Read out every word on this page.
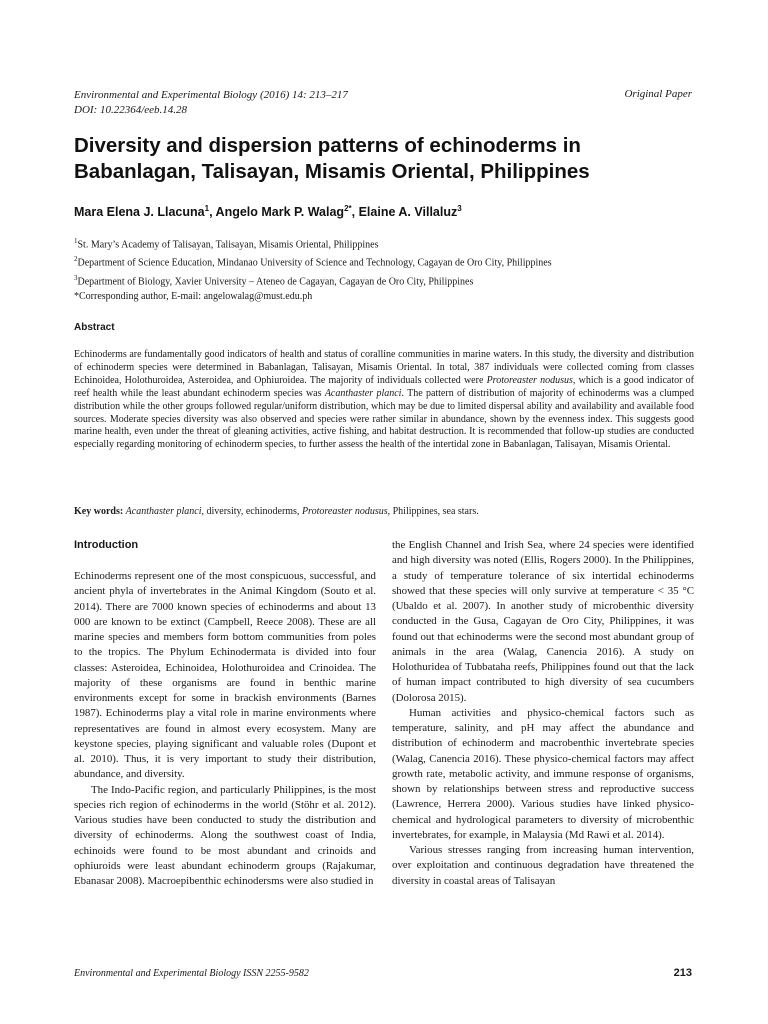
Environmental and Experimental Biology (2016) 14: 213–217
DOI: 10.22364/eeb.14.28
Original Paper
Diversity and dispersion patterns of echinoderms in Babanlagan, Talisayan, Misamis Oriental, Philippines
Mara Elena J. Llacuna$^1$, Angelo Mark P. Walag$^{2*}$, Elaine A. Villaluz$^3$
$^1$St. Mary’s Academy of Talisayan, Talisayan, Misamis Oriental, Philippines
$^2$Department of Science Education, Mindanao University of Science and Technology, Cagayan de Oro City, Philippines
$^3$Department of Biology, Xavier University – Ateneo de Cagayan, Cagayan de Oro City, Philippines
*Corresponding author, E-mail: angelowalag@must.edu.ph
Abstract

Echinoderms are fundamentally good indicators of health and status of coralline communities in marine waters. In this study, the diversity and distribution of echinoderm species were determined in Babanlagan, Talisayan, Misamis Oriental. In total, 387 individuals were collected coming from classes Echinoidea, Holothuroidea, Asteroidea, and Ophiuroidea. The majority of individuals collected were Protoreaster nodusus, which is a good indicator of reef health while the least abundant echinoderm species was Acanthaster planci. The pattern of distribution of majority of echinoderms was a clumped distribution while the other groups followed regular/uniform distribution, which may be due to limited dispersal ability and availability and available food sources. Moderate species diversity was also observed and species were rather similar in abundance, shown by the evenness index. This suggests good marine health, even under the threat of gleaning activities, active fishing, and habitat destruction. It is recommended that follow-up studies are conducted especially regarding monitoring of echinoderm species, to further assess the health of the intertidal zone in Babanlagan, Talisayan, Misamis Oriental.

Key words: Acanthaster planci, diversity, echinoderms, Protoreaster nodusus, Philippines, sea stars.
Introduction

Echinoderms represent one of the most conspicuous, successful, and ancient phyla of invertebrates in the Animal Kingdom (Souto et al. 2014). There are 7000 known species of echinoderms and about 13 000 are known to be extinct (Campbell, Reece 2008). These are all marine species and members form bottom communities from poles to the tropics. The Phylum Echinodermata is divided into four classes: Asteroidea, Echinoidea, Holothuroidea and Crinoidea. The majority of these organisms are found in benthic marine environments except for some in brackish environments (Barnes 1987). Echinoderms play a vital role in marine environments where representatives are found in almost every ecosystem. Many are keystone species, playing significant and valuable roles (Dupont et al. 2010). Thus, it is very important to study their distribution, abundance, and diversity.

The Indo-Pacific region, and particularly Philippines, is the most species rich region of echinoderms in the world (Stöhr et al. 2012). Various studies have been conducted to study the distribution and diversity of echinoderms. Along the southwest coast of India, echinoids were found to be most abundant and crinoids and ophiuroids were least abundant echinoderm groups (Rajakumar, Ebanasar 2008). Macroepibenthic echinodersms were also studied in

the English Channel and Irish Sea, where 24 species were identified and high diversity was noted (Ellis, Rogers 2000). In the Philippines, a study of temperature tolerance of six intertidal echinoderms showed that these species will only survive at temperature < 35 °C (Ubaldo et al. 2007). In another study of microbenthic diversity conducted in the Gusa, Cagayan de Oro City, Philippines, it was found out that echinoderms were the second most abundant group of animals in the area (Walag, Canencia 2016). A study on Holothuridea of Tubbataha reefs, Philippines found out that the lack of human impact contributed to high diversity of sea cucumbers (Dolorosa 2015).

Human activities and physico-chemical factors such as temperature, salinity, and pH may affect the abundance and distribution of echinoderm and macrobenthic invertebrate species (Walag, Canencia 2016). These physico-chemical factors may affect growth rate, metabolic activity, and immune response of organisms, shown by relationships between stress and reproductive success (Lawrence, Herrera 2000). Various studies have linked physico-chemical and hydrological parameters to diversity of microbenthic invertebrates, for example, in Malaysia (Md Rawi et al. 2014).

Various stresses ranging from increasing human intervention, over exploitation and continuous degradation have threatened the diversity in coastal areas of Talisayan

Environmental and Experimental Biology ISSN 2255-9582	213
